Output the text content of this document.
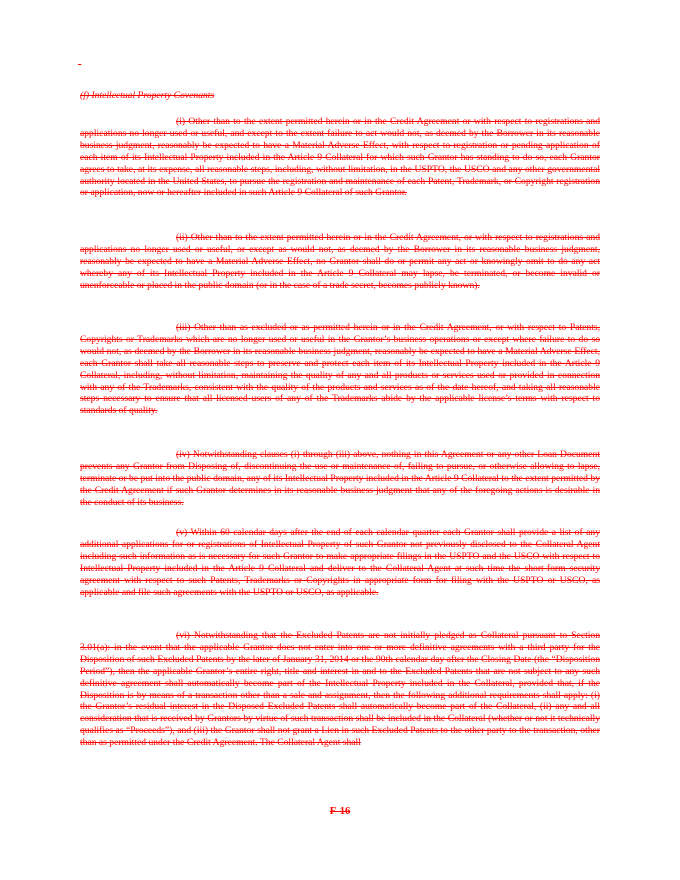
-
(f) Intellectual Property Covenants
(i) Other than to the extent permitted herein or in the Credit Agreement or with respect to registrations and applications no longer used or useful, and except to the extent failure to act would not, as deemed by the Borrower in its reasonable business judgment, reasonably be expected to have a Material Adverse Effect, with respect to registration or pending application of each item of its Intellectual Property included in the Article 9 Collateral for which such Grantor has standing to do so, each Grantor agrees to take, at its expense, all reasonable steps, including, without limitation, in the USPTO, the USCO and any other governmental authority located in the United States, to pursue the registration and maintenance of each Patent, Trademark, or Copyright registration or application, now or hereafter included in such Article 9 Collateral of such Grantor.
(ii) Other than to the extent permitted herein or in the Credit Agreement, or with respect to registrations and applications no longer used or useful, or except as would not, as deemed by the Borrower in its reasonable business judgment, reasonably be expected to have a Material Adverse Effect, no Grantor shall do or permit any act or knowingly omit to do any act whereby any of its Intellectual Property included in the Article 9 Collateral may lapse, be terminated, or become invalid or unenforceable or placed in the public domain (or in the case of a trade secret, becomes publicly known).
(iii) Other than as excluded or as permitted herein or in the Credit Agreement, or with respect to Patents, Copyrights or Trademarks which are no longer used or useful in the Grantor’s business operations or except where failure to do so would not, as deemed by the Borrower in its reasonable business judgment, reasonably be expected to have a Material Adverse Effect, each Grantor shall take all reasonable steps to preserve and protect each item of its Intellectual Property included in the Article 9 Collateral, including, without limitation, maintaining the quality of any and all products or services used or provided in connection with any of the Trademarks, consistent with the quality of the products and services as of the date hereof, and taking all reasonable steps necessary to ensure that all licensed users of any of the Trademarks abide by the applicable license’s terms with respect to standards of quality.
(iv) Notwithstanding clauses (i) through (iii) above, nothing in this Agreement or any other Loan Document prevents any Grantor from Disposing of, discontinuing the use or maintenance of, failing to pursue, or otherwise allowing to lapse, terminate or be put into the public domain, any of its Intellectual Property included in the Article 9 Collateral to the extent permitted by the Credit Agreement if such Grantor determines in its reasonable business judgment that any of the foregoing actions is desirable in the conduct of its business.
(v) Within 60 calendar days after the end of each calendar quarter each Grantor shall provide a list of any additional applications for or registrations of Intellectual Property of such Grantor not previously disclosed to the Collateral Agent including such information as is necessary for such Grantor to make appropriate filings in the USPTO and the USCO with respect to Intellectual Property included in the Article 9 Collateral and deliver to the Collateral Agent at such time the short-form security agreement with respect to such Patents, Trademarks or Copyrights in appropriate form for filing with the USPTO or USCO, as applicable and file such agreements with the USPTO or USCO, as applicable.
(vi) Notwithstanding that the Excluded Patents are not initially pledged as Collateral pursuant to Section 3.01(a): in the event that the applicable Grantor does not enter into one or more definitive agreements with a third party for the Disposition of such Excluded Patents by the later of January 31, 2014 or the 90th calendar day after the Closing Date (the “Disposition Period”), then the applicable Grantor’s entire right, title and interest in and to the Excluded Patents that are not subject to any such definitive agreement shall automatically become part of the Intellectual Property included in the Collateral, provided that, if the Disposition is by means of a transaction other than a sale and assignment, then the following additional requirements shall apply: (i) the Grantor’s residual interest in the Disposed Excluded Patents shall automatically become part of the Collateral, (ii) any and all consideration that is received by Grantors by virtue of such transaction shall be included in the Collateral (whether or not it technically qualifies as “Proceeds”), and (iii) the Grantor shall not grant a Lien in such Excluded Patents to the other party to the transaction, other than as permitted under the Credit Agreement. The Collateral Agent shall
F-16
